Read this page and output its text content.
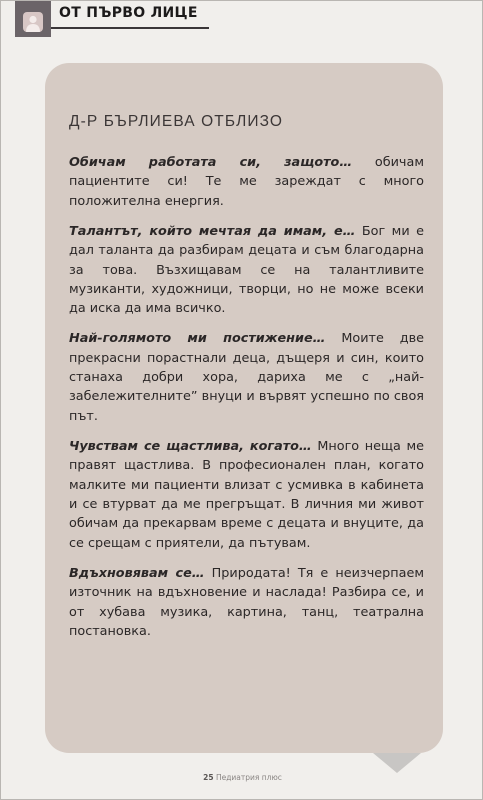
ОТ ПЪРВО ЛИЦЕ
Д-Р БЪРЛИЕВА ОТБЛИЗО

Обичам работата си, защото… обичам пациентите си! Те ме зареждат с много положителна енергия.

Талантът, който мечтая да имам, е… Бог ми е дал таланта да разбирам децата и съм благодарна за това. Възхищавам се на талантливите музиканти, художници, творци, но не може всеки да иска да има всичко.

Най-голямото ми постижение… Моите две прекрасни порастнали деца, дъщеря и син, които станаха добри хора, дариха ме с „най-забележителните” внуци и вървят успешно по своя път.

Чувствам се щастлива, когато… Много неща ме правят щастлива. В професионален план, когато малките ми пациенти влизат с усмивка в кабинета и се втурват да ме прегръщат. В личния ми живот обичам да прекарвам време с децата и внуците, да се срещам с приятели, да пътувам.

Вдъхновявам се… Природата! Тя е неизчерпаем източник на вдъхновение и наслада! Разбира се, и от хубава музика, картина, танц, театрална постановка.

25 Педиатрия плюс
